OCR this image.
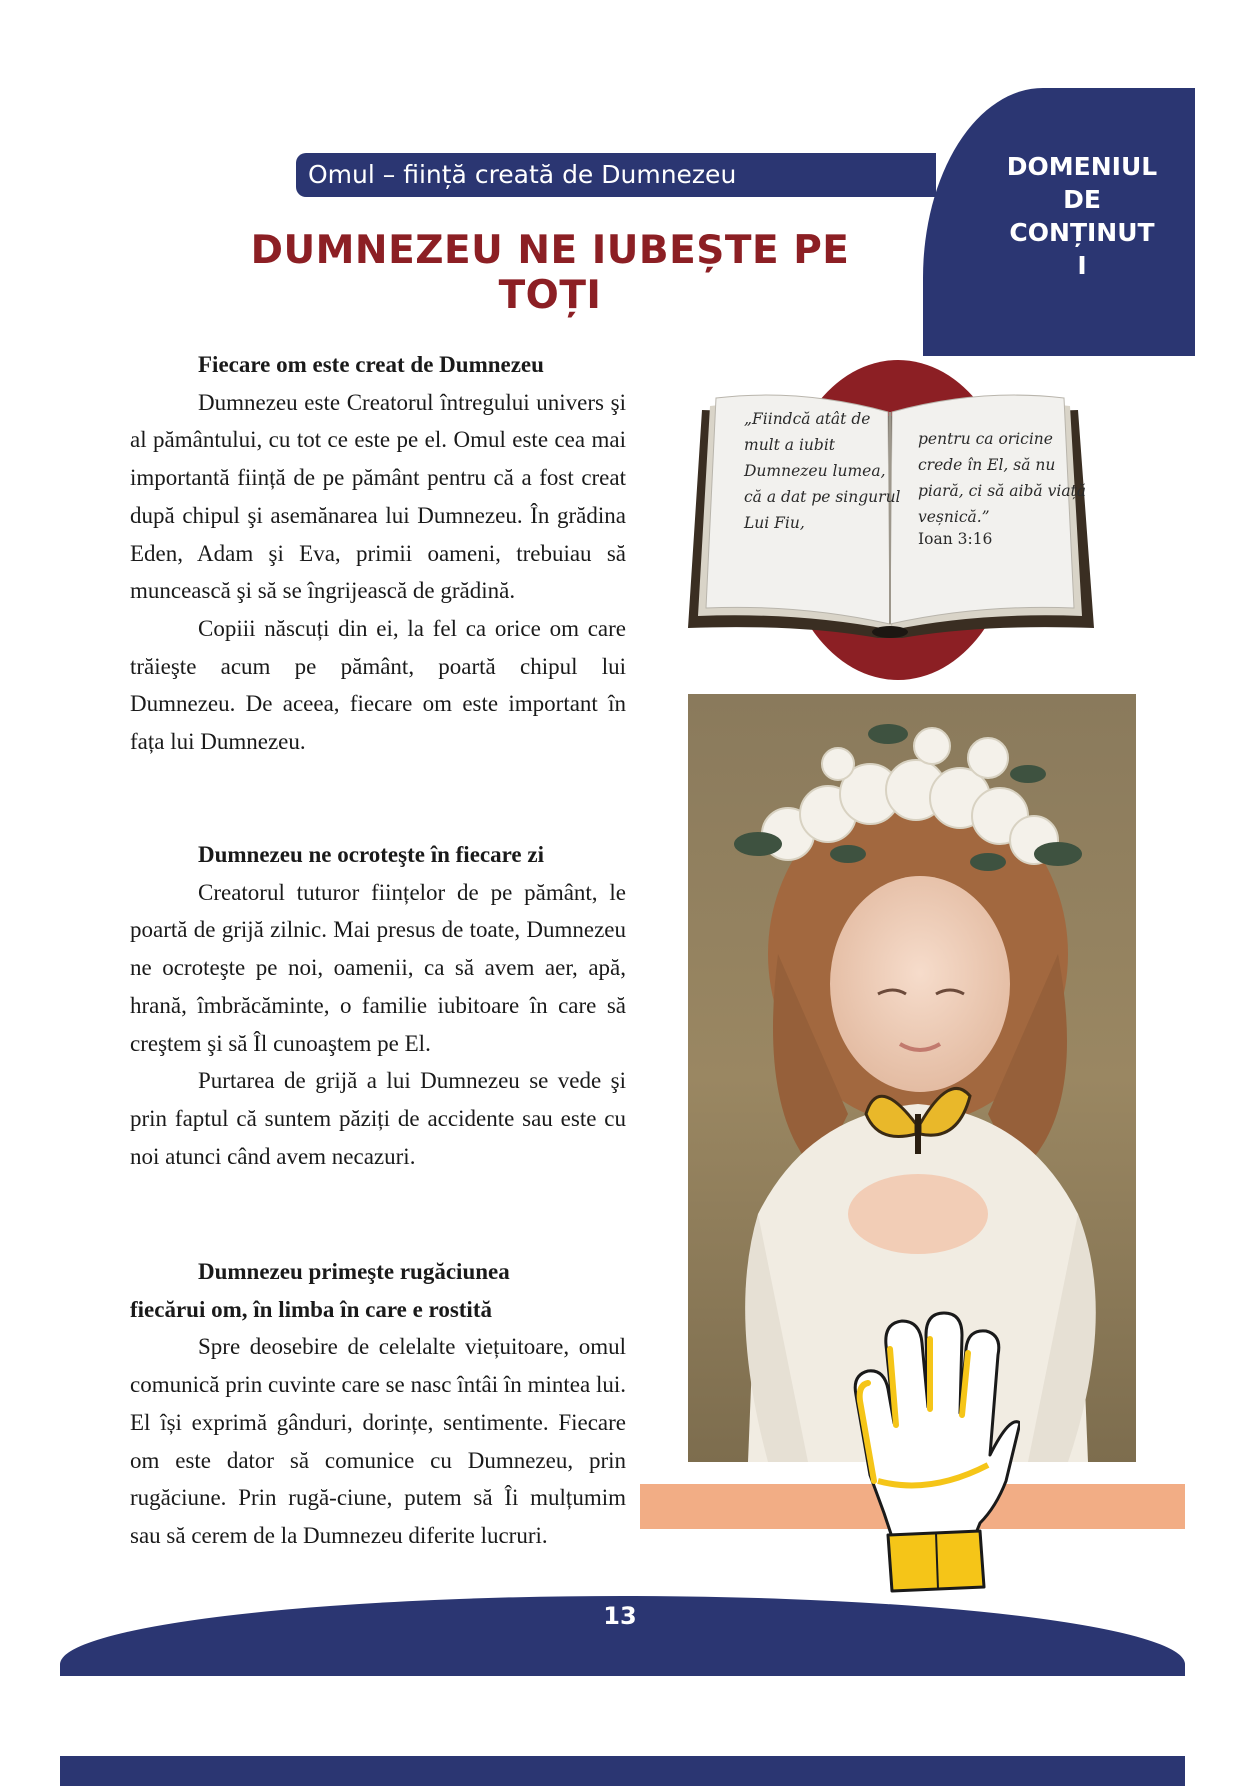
DOMENIUL
DE
CONȚINUT
I
Omul – ființă creată de Dumnezeu
DUMNEZEU NE IUBEȘTE PE TOȚI
Fiecare om este creat de Dumnezeu

Dumnezeu este Creatorul întregului univers şi al pământului, cu tot ce este pe el. Omul este cea mai importantă ființă de pe pământ pentru că a fost creat după chipul şi asemănarea lui Dumnezeu. În grădina Eden, Adam şi Eva, primii oameni, trebuiau să muncească şi să se îngrijească de grădină.

Copiii născuți din ei, la fel ca orice om care trăieşte acum pe pământ, poartă chipul lui Dumnezeu. De aceea, fiecare om este important în fața lui Dumnezeu.

Dumnezeu ne ocroteşte în fiecare zi

Creatorul tuturor ființelor de pe pământ, le poartă de grijă zilnic. Mai presus de toate, Dumnezeu ne ocroteşte pe noi, oamenii, ca să avem aer, apă, hrană, îmbrăcăminte, o familie iubitoare în care să creştem şi să Îl cunoaştem pe El.

Purtarea de grijă a lui Dumnezeu se vede şi prin faptul că suntem păziți de accidente sau este cu noi atunci când avem necazuri.

Dumnezeu primeşte rugăciunea
fiecărui om, în limba în care e rostită

Spre deosebire de celelalte viețuitoare, omul comunică prin cuvinte care se nasc întâi în mintea lui. El își exprimă gânduri, dorințe, sentimente. Fiecare om este dator să comunice cu Dumnezeu, prin rugăciune. Prin rugă-ciune, putem să Îi mulțumim sau să cerem de la Dumnezeu diferite lucruri.

„Fiindcă atât de mult a iubit Dumnezeu lumea, că a dat pe singurul Lui Fiu,
pentru ca oricine crede în El, să nu piară, ci să aibă viață veșnică.”
Ioan 3:16
13
